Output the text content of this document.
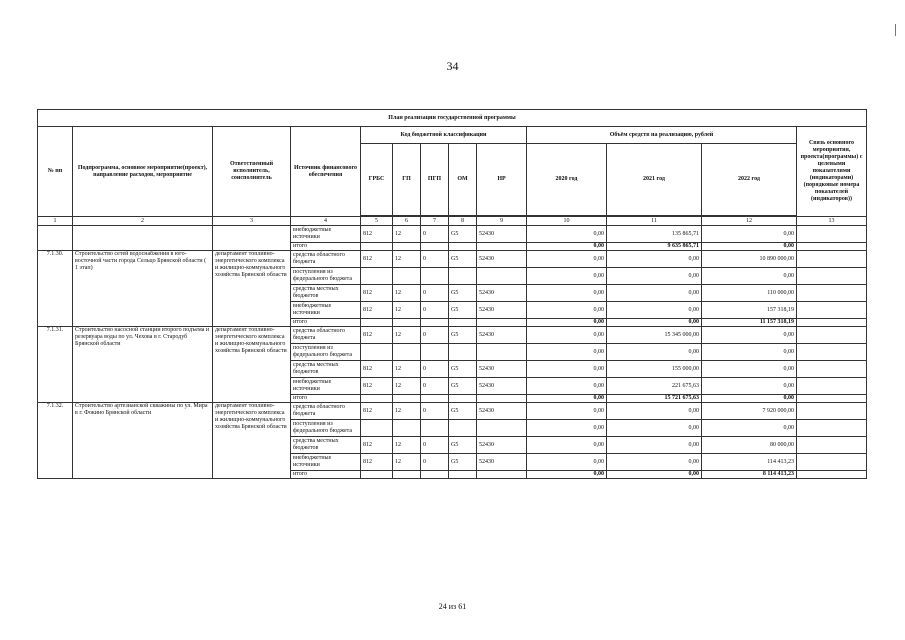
34
План реализации государственной программы												
№ пп	Подпрограмма, основное мероприятие(проект), направление расходов, мероприятие	Ответственный исполнитель, соисполнитель	Источник финансового обеспечения	Код бюджетной классификации					Объём средств на реализацию, рублей			Связь основного мероприятия, проекта(программы) с целевыми показателями (индикаторами) (порядковые номера показателей (индикаторов))
				ГРБС	ГП	ПГП	ОМ	НР	2020 год	2021 год	2022 год	

1	2	3	4	5	6	7	8	9	10	11	12	13
			внебюджетные источники	812	12	0	G5	52430	0,00	135 865,71	0,00	
			итого						0,00	9 635 865,71	0,00	
7.1.30.	Строительство сетей водоснабжения в юго-восточной части города Сельцо Брянской области ( 1 этап)	департамент топливно-энергетического комплекса и жилищно-коммунального хозяйства Брянской области	средства областного бюджета	812	12	0	G5	52430	0,00	0,00	10 890 000,00	
			поступления из федерального бюджета						0,00	0,00	0,00	
			средства местных бюджетов	812	12	0	G5	52430	0,00	0,00	110 000,00	
			внебюджетные источники	812	12	0	G5	52430	0,00	0,00	157 318,19	
			итого						0,00	0,00	11 157 318,19	
7.1.31.	Строительство насосной станции второго подъема и резервуара воды по ул. Чехова в г. Стародуб Брянской области	департамент топливно-энергетического комплекса и жилищно-коммунального хозяйства Брянской области	средства областного бюджета	812	12	0	G5	52430	0,00	15 345 000,00	0,00	
			поступления из федерального бюджета						0,00	0,00	0,00	
			средства местных бюджетов	812	12	0	G5	52430	0,00	155 000,00	0,00	
			внебюджетные источники	812	12	0	G5	52430	0,00	221 675,63	0,00	
			итого						0,00	15 721 675,63	0,00	
7.1.32.	Строительство артезианской скважины по ул. Мира в г. Фокино Брянской области	департамент топливно-энергетического комплекса и жилищно-коммунального хозяйства Брянской области	средства областного бюджета	812	12	0	G5	52430	0,00	0,00	7 920 000,00	
			поступления из федерального бюджета						0,00	0,00	0,00	
			средства местных бюджетов	812	12	0	G5	52430	0,00	0,00	80 000,00	
			внебюджетные источники	812	12	0	G5	52430	0,00	0,00	114 413,23	
			итого						0,00	0,00	8 114 413,23	
24 из 61
